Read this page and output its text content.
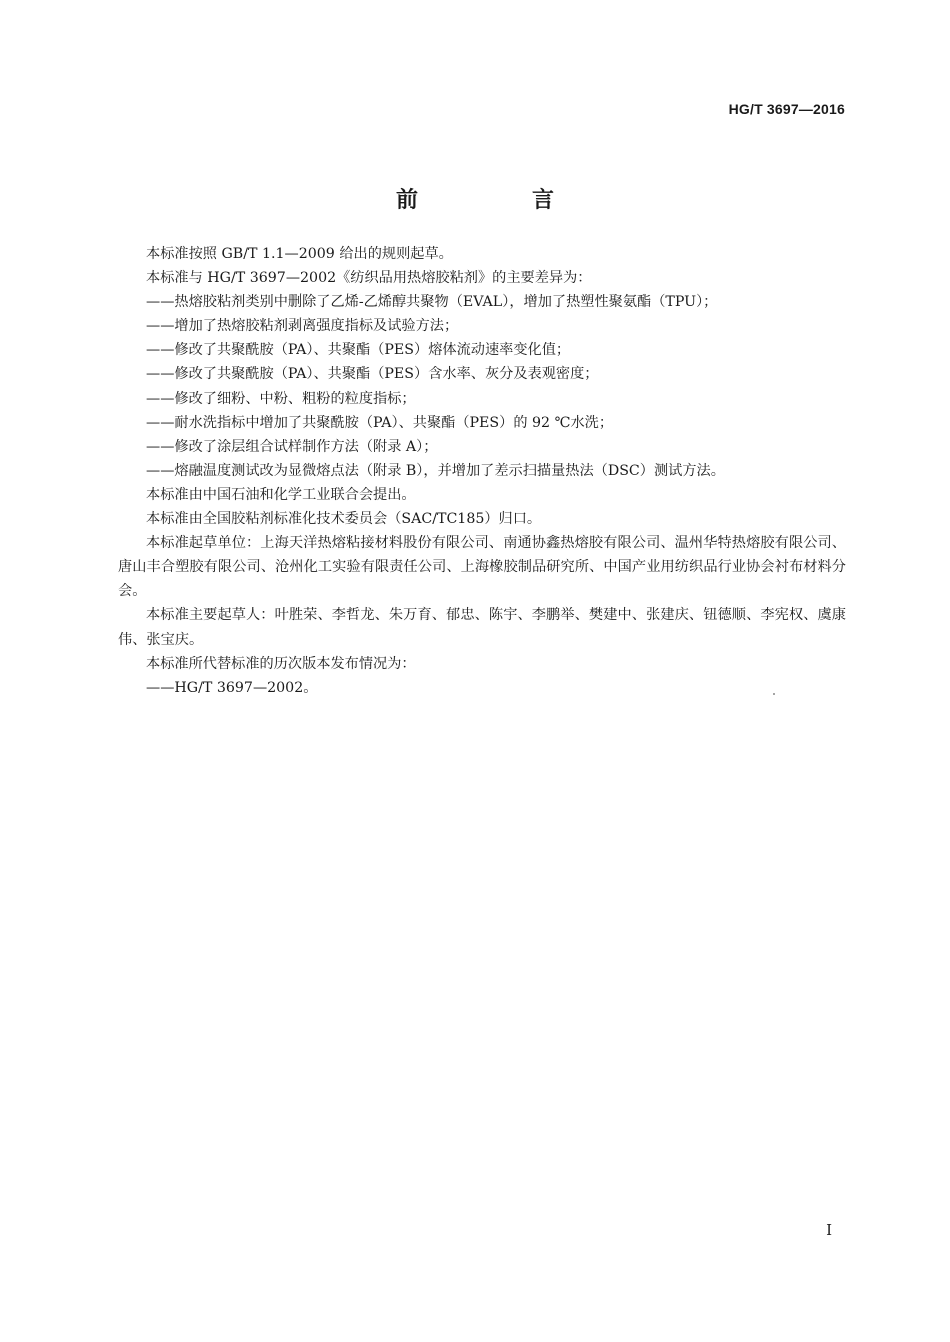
HG/T 3697—2016
前　言

本标准按照 GB/T 1.1—2009 给出的规则起草。

本标准与 HG/T 3697—2002《纺织品用热熔胶粘剂》的主要差异为：

——热熔胶粘剂类别中删除了乙烯-乙烯醇共聚物（EVAL），增加了热塑性聚氨酯（TPU）；

——增加了热熔胶粘剂剥离强度指标及试验方法；

——修改了共聚酰胺（PA）、共聚酯（PES）熔体流动速率变化值；

——修改了共聚酰胺（PA）、共聚酯（PES）含水率、灰分及表观密度；

——修改了细粉、中粉、粗粉的粒度指标；

——耐水洗指标中增加了共聚酰胺（PA）、共聚酯（PES）的 92 ℃水洗；

——修改了涂层组合试样制作方法（附录 A）；

——熔融温度测试改为显微熔点法（附录 B），并增加了差示扫描量热法（DSC）测试方法。

本标准由中国石油和化学工业联合会提出。

本标准由全国胶粘剂标准化技术委员会（SAC/TC185）归口。

本标准起草单位：上海天洋热熔粘接材料股份有限公司、南通协鑫热熔胶有限公司、温州华特热熔胶有限公司、唐山丰合塑胶有限公司、沧州化工实验有限责任公司、上海橡胶制品研究所、中国产业用纺织品行业协会衬布材料分会。

本标准主要起草人：叶胜荣、李哲龙、朱万育、郁忠、陈宇、李鹏举、樊建中、张建庆、钮德顺、李宪权、虞康伟、张宝庆。

本标准所代替标准的历次版本发布情况为：

——HG/T 3697—2002。

I
